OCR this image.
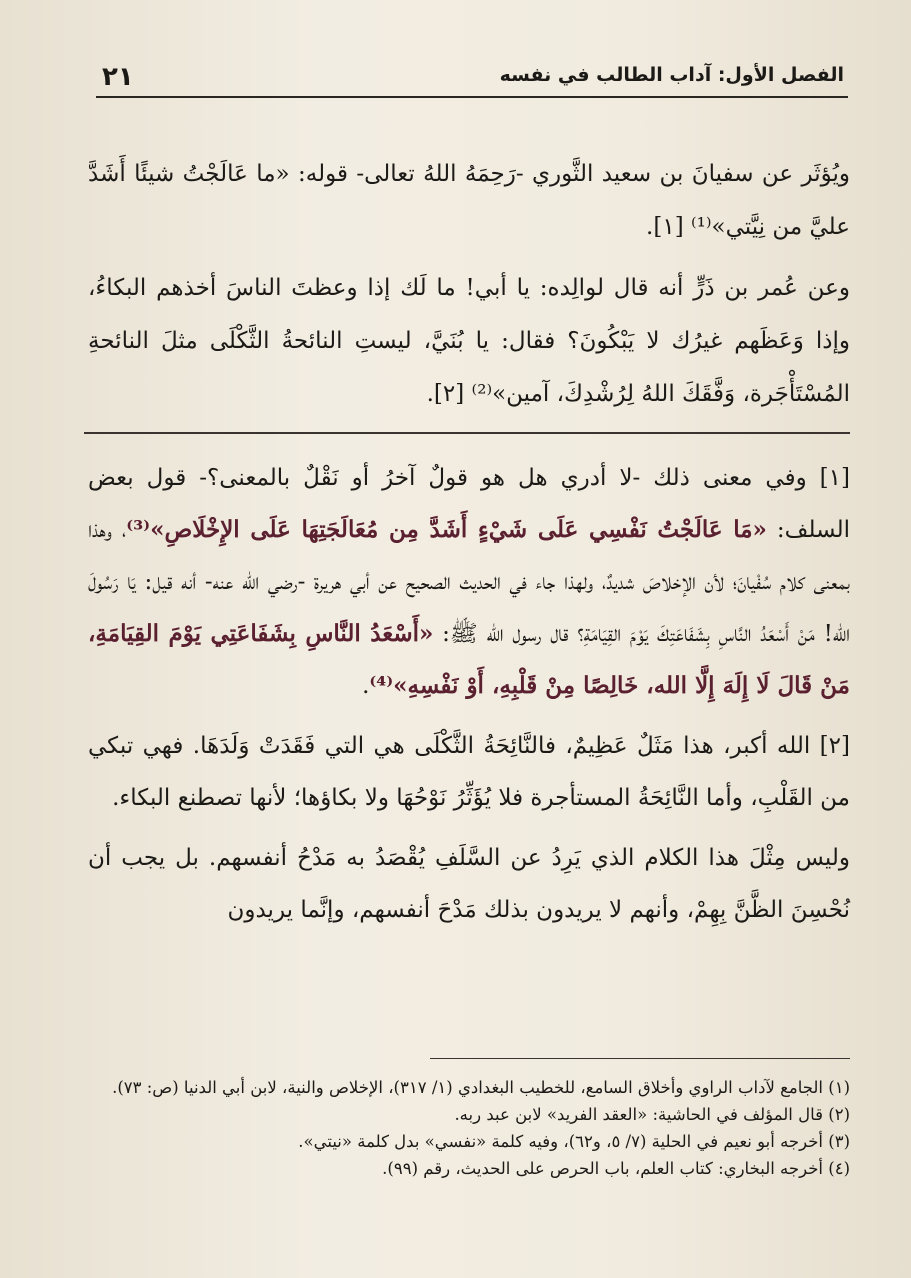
٢١	الفصل الأول: آداب الطالب في نفسه

ويُؤثَر عن سفيانَ بن سعيد الثَّوري -رَحِمَهُ اللهُ تعالى- قوله: «ما عَالَجْتُ شيئًا أَشَدَّ عليَّ من نِيَّتي»⁽¹⁾ [١].

وعن عُمر بن ذَرٍّ أنه قال لوالِده: يا أبي! ما لَك إذا وعظتَ الناسَ أخذهم البكاءُ، وإذا وَعَظَهم غيرُك لا يَبْكُونَ؟ فقال: يا بُنَيَّ، ليستِ النائحةُ الثَّكْلَى مثلَ النائحةِ المُسْتَأْجَرة، وَفَّقَكَ اللهُ لِرُشْدِكَ، آمين»⁽²⁾ [٢].

[١] وفي معنى ذلك -لا أدري هل هو قولٌ آخرُ أو نَقْلٌ بالمعنى؟- قول بعض السلف: «مَا عَالَجْتُ نَفْسِي عَلَى شَيْءٍ أَشَدَّ مِن مُعَالَجَتِهَا عَلَى الإِخْلَاصِ»⁽³⁾، وهذا بمعنى كلام سُفْيانَ؛ لأن الإخلاصَ شديدٌ، ولهذا جاء في الحديث الصحيح عن أبي هريرة -رضي الله عنه- أنه قيل: يَا رَسُولَ الله! مَنْ أَسْعَدُ النَّاسِ بِشَفَاعَتِكَ يَوْمَ القِيَامَةِ؟ قال رسول الله ﷺ: «أَسْعَدُ النَّاسِ بِشَفَاعَتِي يَوْمَ القِيَامَةِ، مَنْ قَالَ لَا إِلَهَ إِلَّا الله، خَالِصًا مِنْ قَلْبِهِ، أَوْ نَفْسِهِ»⁽⁴⁾.

[٢] الله أكبر، هذا مَثَلٌ عَظِيمٌ، فالنَّائِحَةُ الثَّكْلَى هي التي فَقَدَتْ وَلَدَهَا. فهي تبكي من القَلْبِ، وأما النَّائِحَةُ المستأجرة فلا يُؤَثِّرُ نَوْحُهَا ولا بكاؤها؛ لأنها تصطنع البكاء.

وليس مِثْلَ هذا الكلام الذي يَرِدُ عن السَّلَفِ يُقْصَدُ به مَدْحُ أنفسهم. بل يجب أن نُحْسِنَ الظَّنَّ بِهِمْ، وأنهم لا يريدون بذلك مَدْحَ أنفسهم، وإنَّما يريدون

(١) الجامع لآداب الراوي وأخلاق السامع، للخطيب البغدادي (١/ ٣١٧)، الإخلاص والنية، لابن أبي الدنيا (ص: ٧٣).

(٢) قال المؤلف في الحاشية: «العقد الفريد» لابن عبد ربه.

(٣) أخرجه أبو نعيم في الحلية (٧/ ٥، و٦٢)، وفيه كلمة «نفسي» بدل كلمة «نيتي».

(٤) أخرجه البخاري: كتاب العلم، باب الحرص على الحديث، رقم (٩٩).
